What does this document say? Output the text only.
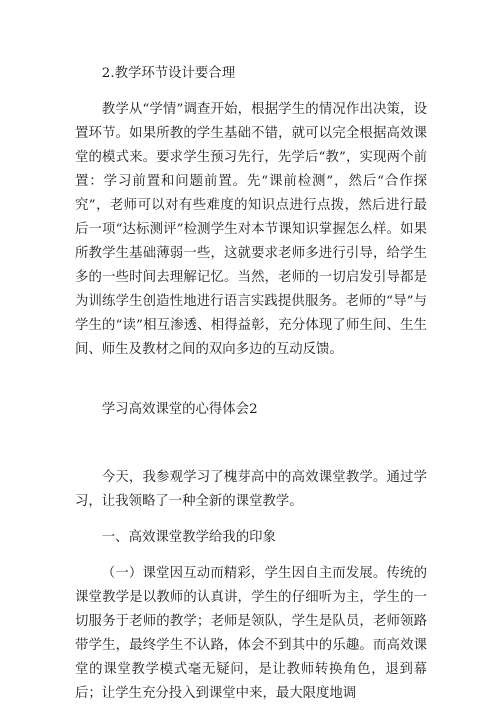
2.教学环节设计要合理

教学从“学情”调查开始，根据学生的情况作出决策，设置环节。如果所教的学生基础不错，就可以完全根据高效课堂的模式来。要求学生预习先行，先学后“教”，实现两个前置：学习前置和问题前置。先“课前检测”，然后“合作探究”，老师可以对有些难度的知识点进行点拨，然后进行最后一项“达标测评”检测学生对本节课知识掌握怎么样。如果所教学生基础薄弱一些，这就要求老师多进行引导，给学生多的一些时间去理解记忆。当然，老师的一切启发引导都是为训练学生创造性地进行语言实践提供服务。老师的“导”与学生的“读”相互渗透、相得益彰，充分体现了师生间、生生间、师生及教材之间的双向多边的互动反馈。

学习高效课堂的心得体会2

今天，我参观学习了槐芽高中的高效课堂教学。通过学习，让我领略了一种全新的课堂教学。

一、高效课堂教学给我的印象

（一）课堂因互动而精彩，学生因自主而发展。传统的课堂教学是以教师的认真讲，学生的仔细听为主，学生的一切服务于老师的教学；老师是领队，学生是队员，老师领路带学生，最终学生不认路，体会不到其中的乐趣。而高效课堂的课堂教学模式毫无疑问，是让教师转换角色，退到幕后；让学生充分投入到课堂中来，最大限度地调
